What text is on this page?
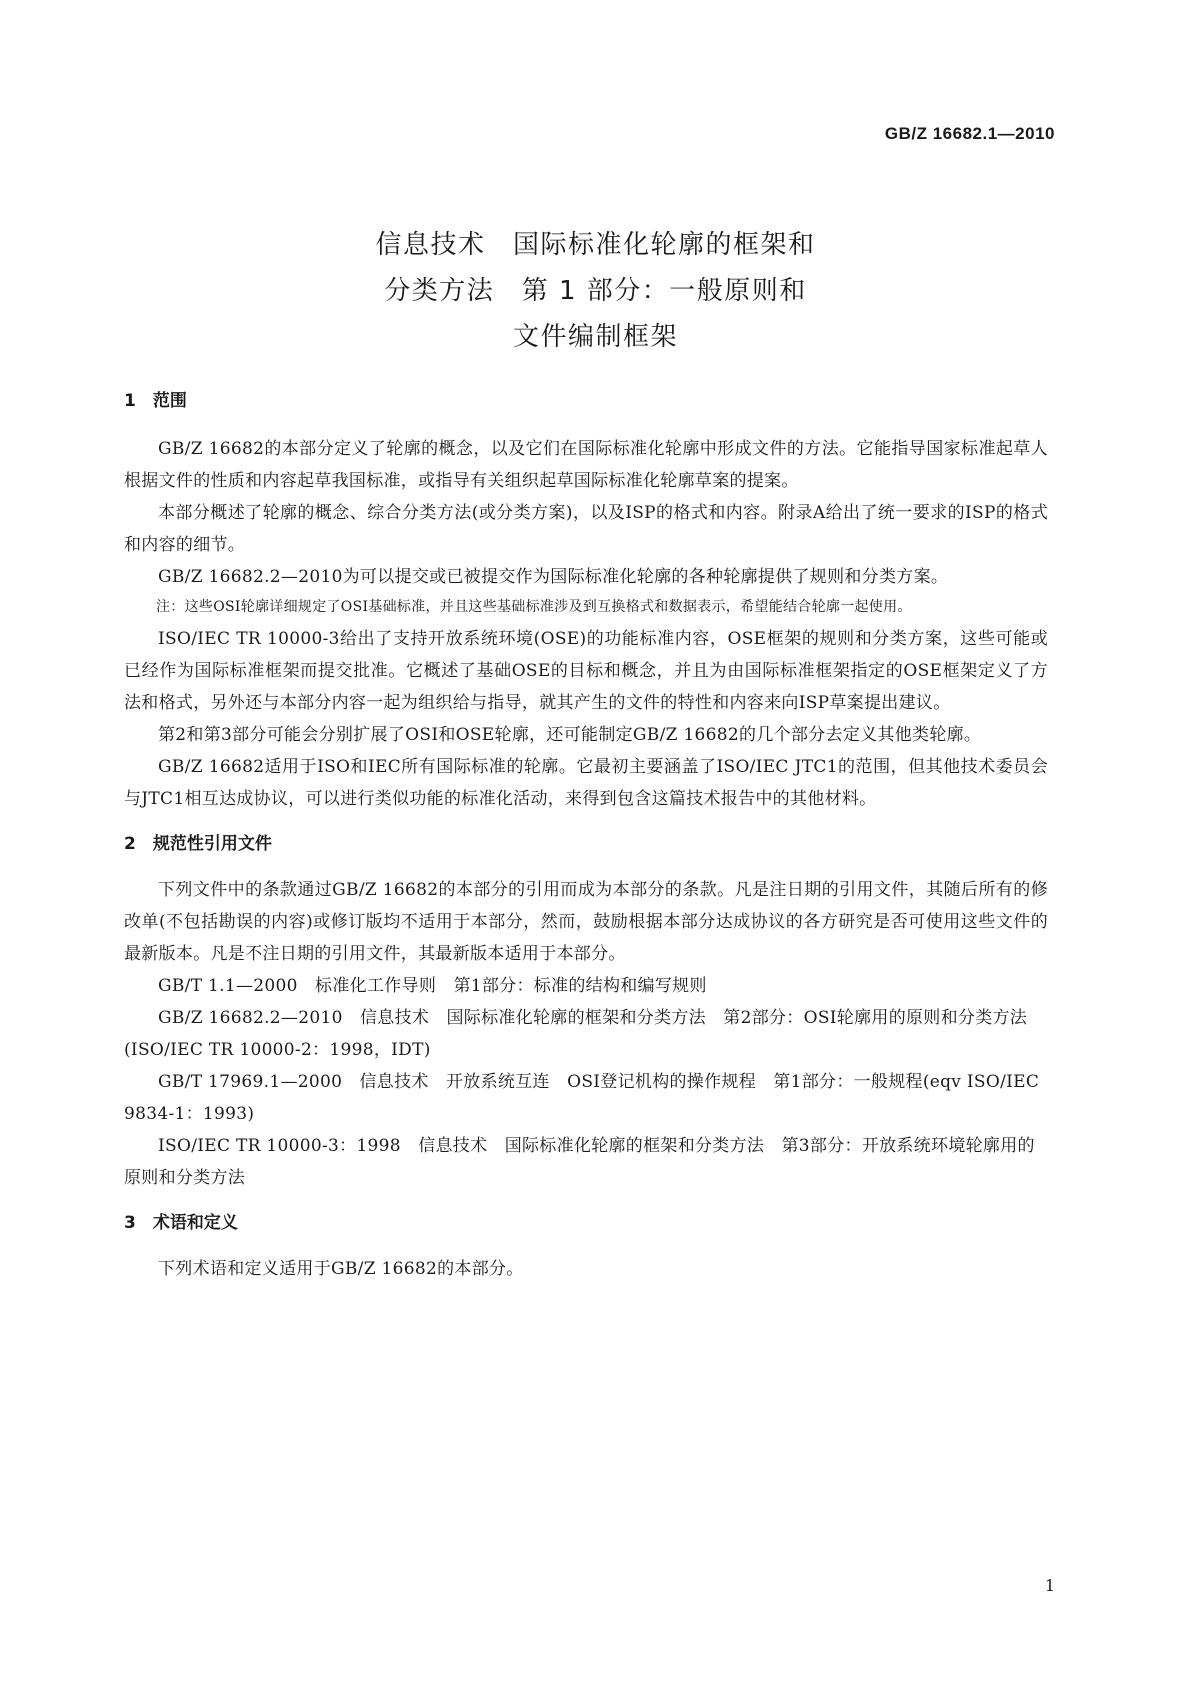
GB/Z 16682.1—2010
信息技术　国际标准化轮廓的框架和
分类方法　第 1 部分：一般原则和
文件编制框架

1　范围

GB/Z 16682的本部分定义了轮廓的概念，以及它们在国际标准化轮廓中形成文件的方法。它能指导国家标准起草人根据文件的性质和内容起草我国标准，或指导有关组织起草国际标准化轮廓草案的提案。

本部分概述了轮廓的概念、综合分类方法(或分类方案)，以及ISP的格式和内容。附录A给出了统一要求的ISP的格式和内容的细节。

GB/Z 16682.2—2010为可以提交或已被提交作为国际标准化轮廓的各种轮廓提供了规则和分类方案。

注：这些OSI轮廓详细规定了OSI基础标准，并且这些基础标准涉及到互换格式和数据表示，希望能结合轮廓一起使用。

ISO/IEC TR 10000-3给出了支持开放系统环境(OSE)的功能标准内容，OSE框架的规则和分类方案，这些可能或已经作为国际标准框架而提交批准。它概述了基础OSE的目标和概念，并且为由国际标准框架指定的OSE框架定义了方法和格式，另外还与本部分内容一起为组织给与指导，就其产生的文件的特性和内容来向ISP草案提出建议。

第2和第3部分可能会分别扩展了OSI和OSE轮廓，还可能制定GB/Z 16682的几个部分去定义其他类轮廓。

GB/Z 16682适用于ISO和IEC所有国际标准的轮廓。它最初主要涵盖了ISO/IEC JTC1的范围，但其他技术委员会与JTC1相互达成协议，可以进行类似功能的标准化活动，来得到包含这篇技术报告中的其他材料。

2　规范性引用文件

下列文件中的条款通过GB/Z 16682的本部分的引用而成为本部分的条款。凡是注日期的引用文件，其随后所有的修改单(不包括勘误的内容)或修订版均不适用于本部分，然而，鼓励根据本部分达成协议的各方研究是否可使用这些文件的最新版本。凡是不注日期的引用文件，其最新版本适用于本部分。

GB/T 1.1—2000　标准化工作导则　第1部分：标准的结构和编写规则

GB/Z 16682.2—2010　信息技术　国际标准化轮廓的框架和分类方法　第2部分：OSI轮廓用的原则和分类方法(ISO/IEC TR 10000-2：1998，IDT)

GB/T 17969.1—2000　信息技术　开放系统互连　OSI登记机构的操作规程　第1部分：一般规程(eqv ISO/IEC 9834-1：1993)

ISO/IEC TR 10000-3：1998　信息技术　国际标准化轮廓的框架和分类方法　第3部分：开放系统环境轮廓用的原则和分类方法

3　术语和定义

下列术语和定义适用于GB/Z 16682的本部分。

1
